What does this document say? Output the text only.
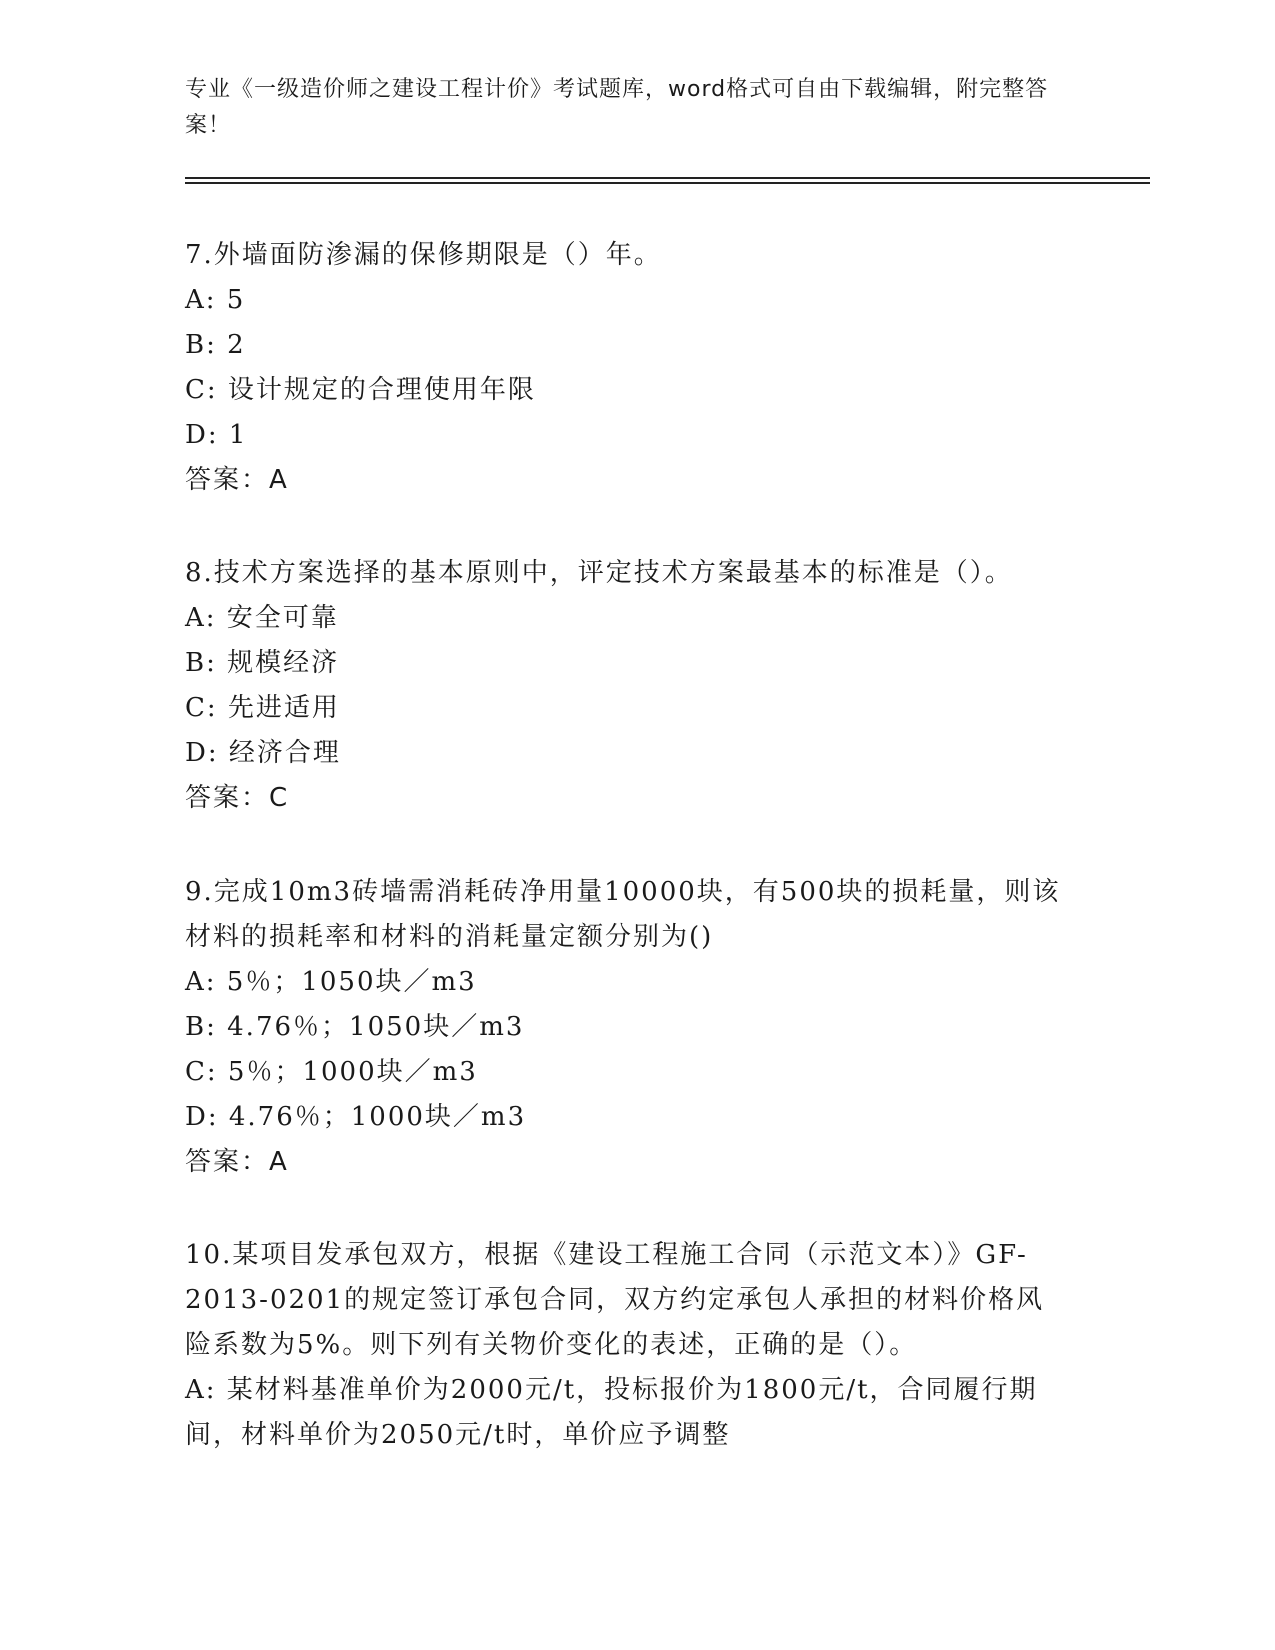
专业《一级造价师之建设工程计价》考试题库，word格式可自由下载编辑，附完整答案！

7.外墙面防渗漏的保修期限是（）年。

A: 5

B: 2

C: 设计规定的合理使用年限

D: 1

答案：A

8.技术方案选择的基本原则中，评定技术方案最基本的标准是（）。

A: 安全可靠

B: 规模经济

C: 先进适用

D: 经济合理

答案：C

9.完成10m3砖墙需消耗砖净用量10000块，有500块的损耗量，则该材料的损耗率和材料的消耗量定额分别为()

A: 5％；1050块／m3

B: 4.76％；1050块／m3

C: 5％；1000块／m3

D: 4.76％；1000块／m3

答案：A

10.某项目发承包双方，根据《建设工程施工合同（示范文本）》GF-2013-0201的规定签订承包合同，双方约定承包人承担的材料价格风险系数为5%。则下列有关物价变化的表述，正确的是（）。

A: 某材料基准单价为2000元/t，投标报价为1800元/t，合同履行期间，材料单价为2050元/t时，单价应予调整
